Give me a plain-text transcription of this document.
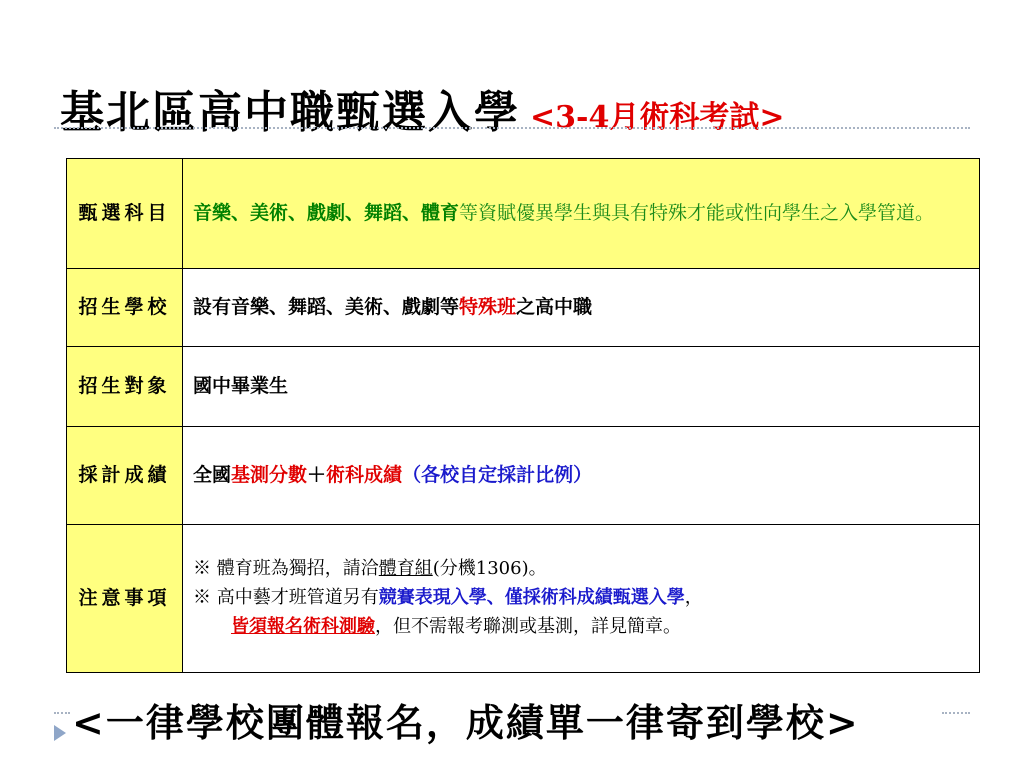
基北區高中職甄選入學 <3-4月術科考試>
甄選科目	音樂、美術、戲劇、舞蹈、體育等資賦優異學生與具有特殊才能或性向學生之入學管道。
招生學校	設有音樂、舞蹈、美術、戲劇等特殊班之高中職
招生對象	國中畢業生
採計成績	全國基測分數＋術科成績（各校自定採計比例）
注意事項	※ 體育班為獨招，請洽體育組(分機1306)。
※ 高中藝才班管道另有競賽表現入學、僅採術科成績甄選入學，
皆須報名術科測驗，但不需報考聯測或基測，詳見簡章。
<一律學校團體報名，成績單一律寄到學校>
